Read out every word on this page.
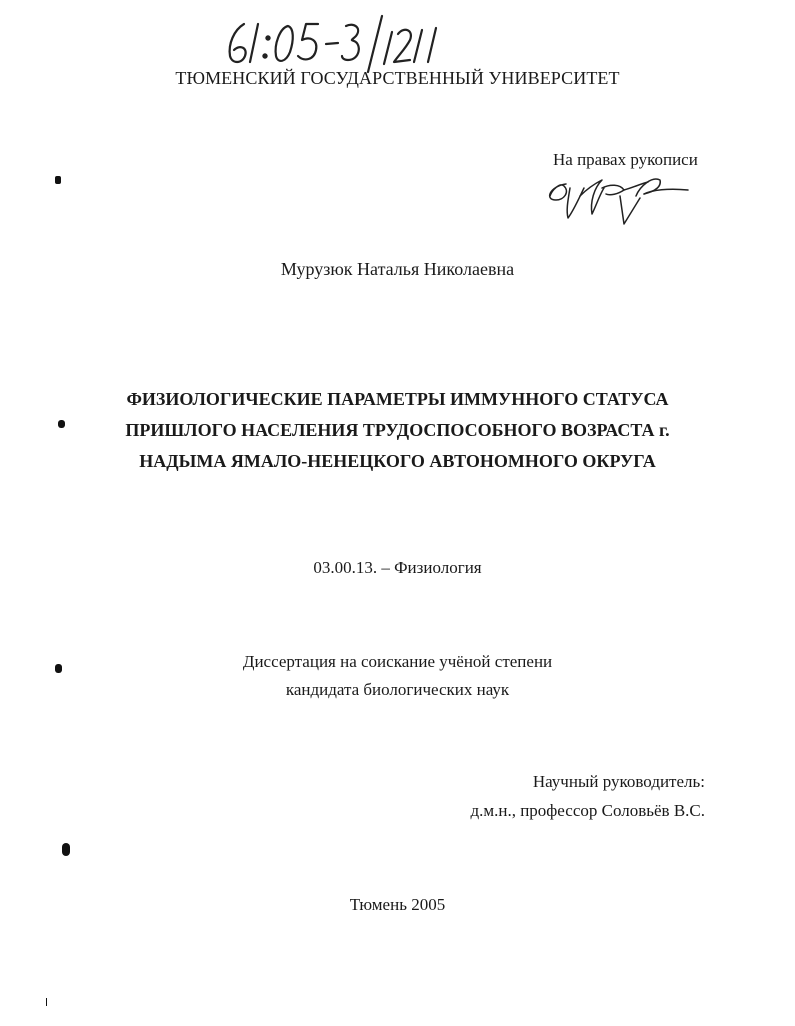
ТЮМЕНСКИЙ ГОСУДАРСТВЕННЫЙ УНИВЕРСИТЕТ
На правах рукописи
Мурузюк Наталья Николаевна
ФИЗИОЛОГИЧЕСКИЕ ПАРАМЕТРЫ ИММУННОГО СТАТУСА
ПРИШЛОГО НАСЕЛЕНИЯ ТРУДОСПОСОБНОГО ВОЗРАСТА г.
НАДЫМА ЯМАЛО-НЕНЕЦКОГО АВТОНОМНОГО ОКРУГА
03.00.13. – Физиология
Диссертация на соискание учёной степени
кандидата биологических наук
Научный руководитель:
д.м.н., профессор Соловьёв В.С.
Тюмень 2005
